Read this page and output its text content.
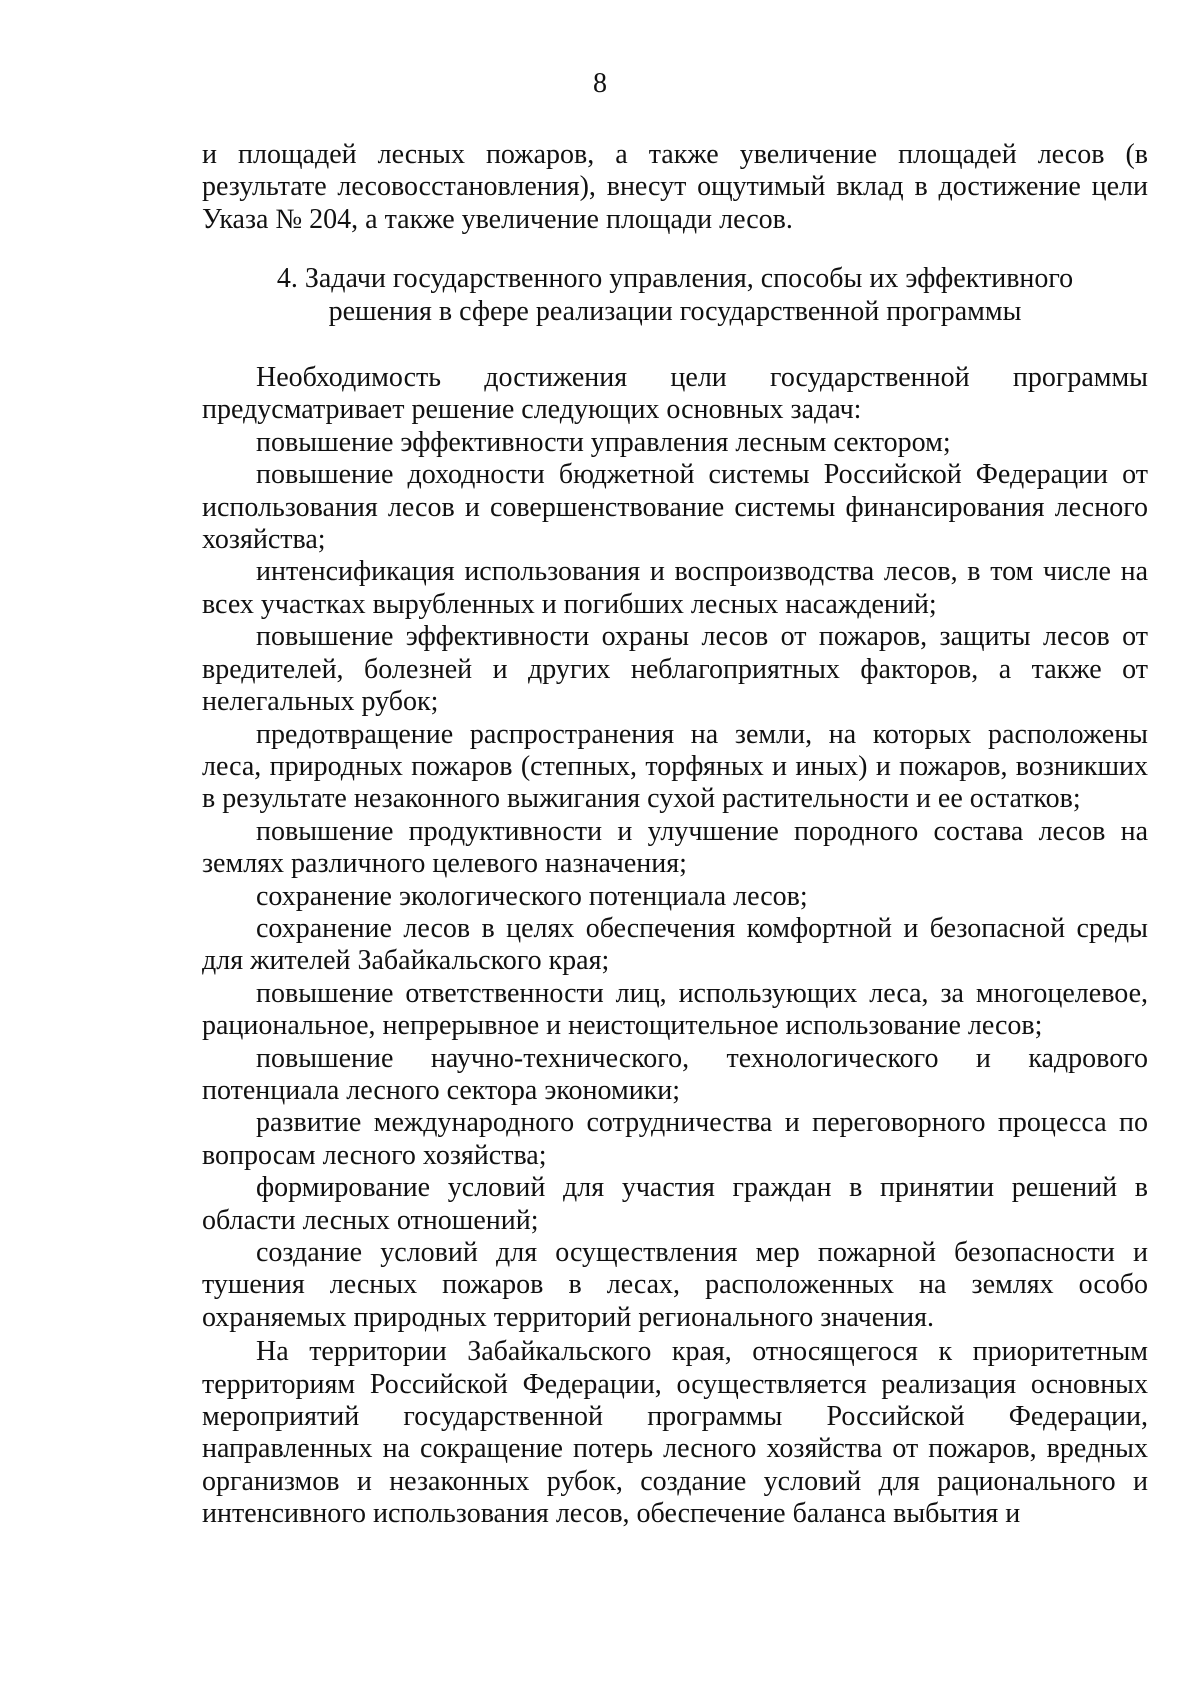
8

и площадей лесных пожаров, а также увеличение площадей лесов (в результате лесовосстановления), внесут ощутимый вклад в достижение цели Указа № 204, а также увеличение площади лесов.

4. Задачи государственного управления, способы их эффективного
решения в сфере реализации государственной программы

Необходимость достижения цели государственной программы предусматривает решение следующих основных задач:

повышение эффективности управления лесным сектором;

повышение доходности бюджетной системы Российской Федерации от использования лесов и совершенствование системы финансирования лесного хозяйства;

интенсификация использования и воспроизводства лесов, в том числе на всех участках вырубленных и погибших лесных насаждений;

повышение эффективности охраны лесов от пожаров, защиты лесов от вредителей, болезней и других неблагоприятных факторов, а также от нелегальных рубок;

предотвращение распространения на земли, на которых расположены леса, природных пожаров (степных, торфяных и иных) и пожаров, возникших в результате незаконного выжигания сухой растительности и ее остатков;

повышение продуктивности и улучшение породного состава лесов на землях различного целевого назначения;

сохранение экологического потенциала лесов;

сохранение лесов в целях обеспечения комфортной и безопасной среды для жителей Забайкальского края;

повышение ответственности лиц, использующих леса, за многоцелевое, рациональное, непрерывное и неистощительное использование лесов;

повышение научно-технического, технологического и кадрового потенциала лесного сектора экономики;

развитие международного сотрудничества и переговорного процесса по вопросам лесного хозяйства;

формирование условий для участия граждан в принятии решений в области лесных отношений;

создание условий для осуществления мер пожарной безопасности и тушения лесных пожаров в лесах, расположенных на землях особо охраняемых природных территорий регионального значения.

На территории Забайкальского края, относящегося к приоритетным территориям Российской Федерации, осуществляется реализация основных мероприятий государственной программы Российской Федерации, направленных на сокращение потерь лесного хозяйства от пожаров, вредных организмов и незаконных рубок, создание условий для рационального и интенсивного использования лесов, обеспечение баланса выбытия и
